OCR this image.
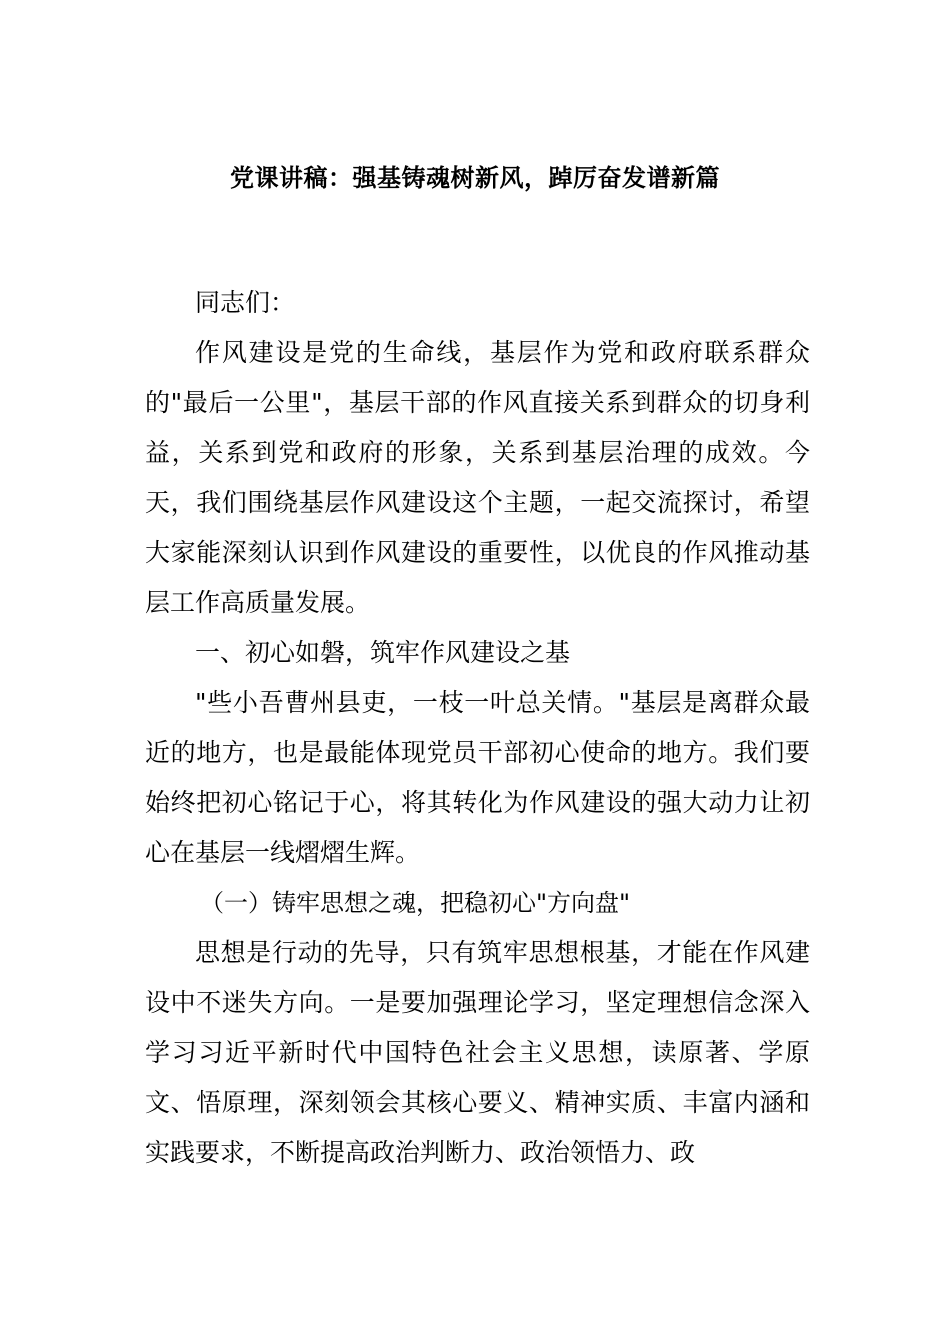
党课讲稿：强基铸魂树新风，踔厉奋发谱新篇

同志们：

作风建设是党的生命线，基层作为党和政府联系群众的"最后一公里"，基层干部的作风直接关系到群众的切身利益，关系到党和政府的形象，关系到基层治理的成效。今天，我们围绕基层作风建设这个主题，一起交流探讨，希望大家能深刻认识到作风建设的重要性，以优良的作风推动基层工作高质量发展。

一、初心如磐，筑牢作风建设之基

"些小吾曹州县吏，一枝一叶总关情。"基层是离群众最近的地方，也是最能体现党员干部初心使命的地方。我们要始终把初心铭记于心，将其转化为作风建设的强大动力让初心在基层一线熠熠生辉。

（一）铸牢思想之魂，把稳初心"方向盘"

思想是行动的先导，只有筑牢思想根基，才能在作风建设中不迷失方向。一是要加强理论学习，坚定理想信念深入学习习近平新时代中国特色社会主义思想，读原著、学原文、悟原理，深刻领会其核心要义、精神实质、丰富内涵和实践要求，不断提高政治判断力、政治领悟力、政
